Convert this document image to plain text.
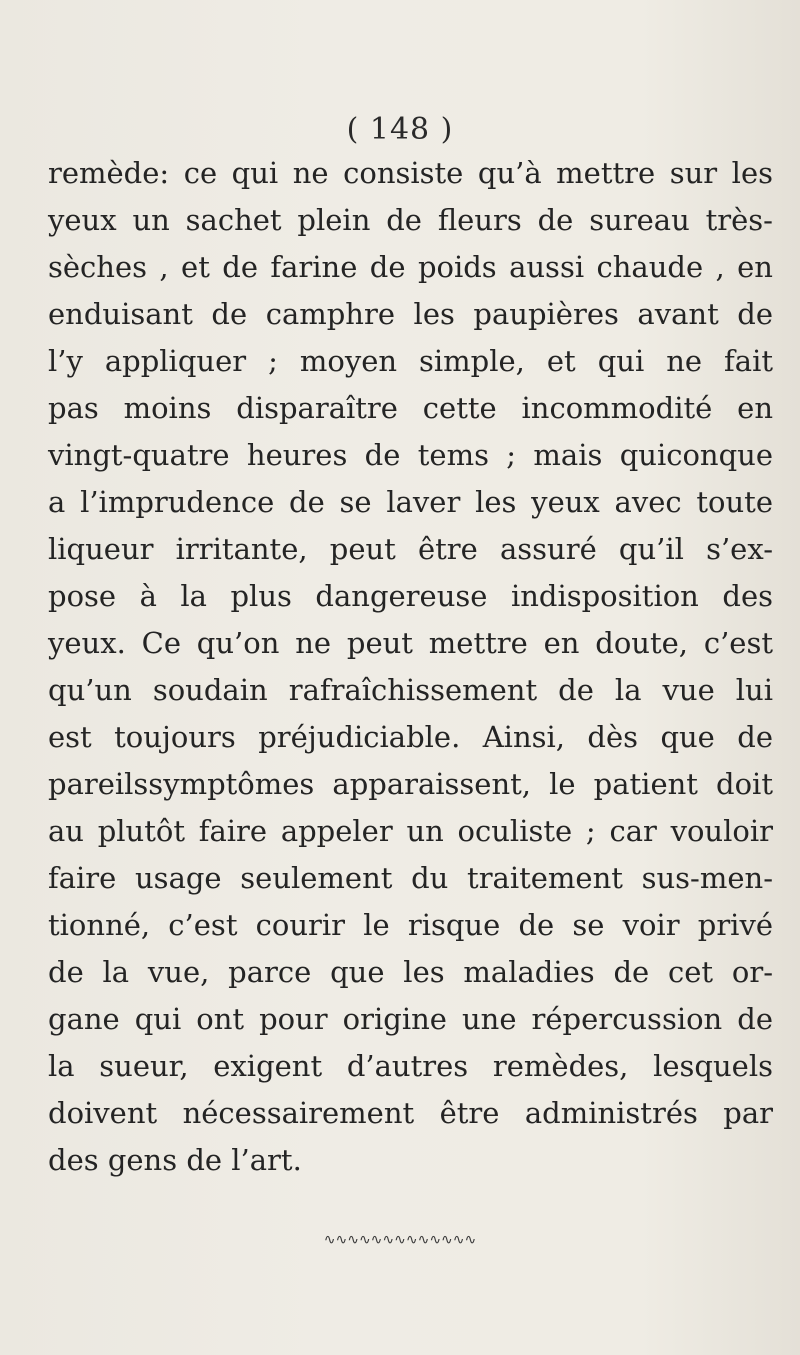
( 148 )
remède: ce qui ne consiste qu’à mettre sur les
yeux un sachet plein de fleurs de sureau très-
sèches , et de farine de poids aussi chaude , en
enduisant de camphre les paupières avant de
l’y appliquer ; moyen simple, et qui ne fait
pas moins disparaître cette incommodité en
vingt-quatre heures de tems ; mais quiconque
a l’imprudence de se laver les yeux avec toute
liqueur irritante, peut être assuré qu’il s’ex-
pose à la plus dangereuse indisposition des
yeux. Ce qu’on ne peut mettre en doute, c’est
qu’un soudain rafraîchissement de la vue lui
est toujours préjudiciable. Ainsi, dès que de
pareilssymptômes apparaissent, le patient doit
au plutôt faire appeler un oculiste ; car vouloir
faire usage seulement du traitement sus-men-
tionné, c’est courir le risque de se voir privé
de la vue, parce que les maladies de cet or-
gane qui ont pour origine une répercussion de
la sueur, exigent d’autres remèdes, lesquels
doivent nécessairement être administrés par
des gens de l’art.
∿∿∿∿∿∿∿∿∿∿∿∿∿
